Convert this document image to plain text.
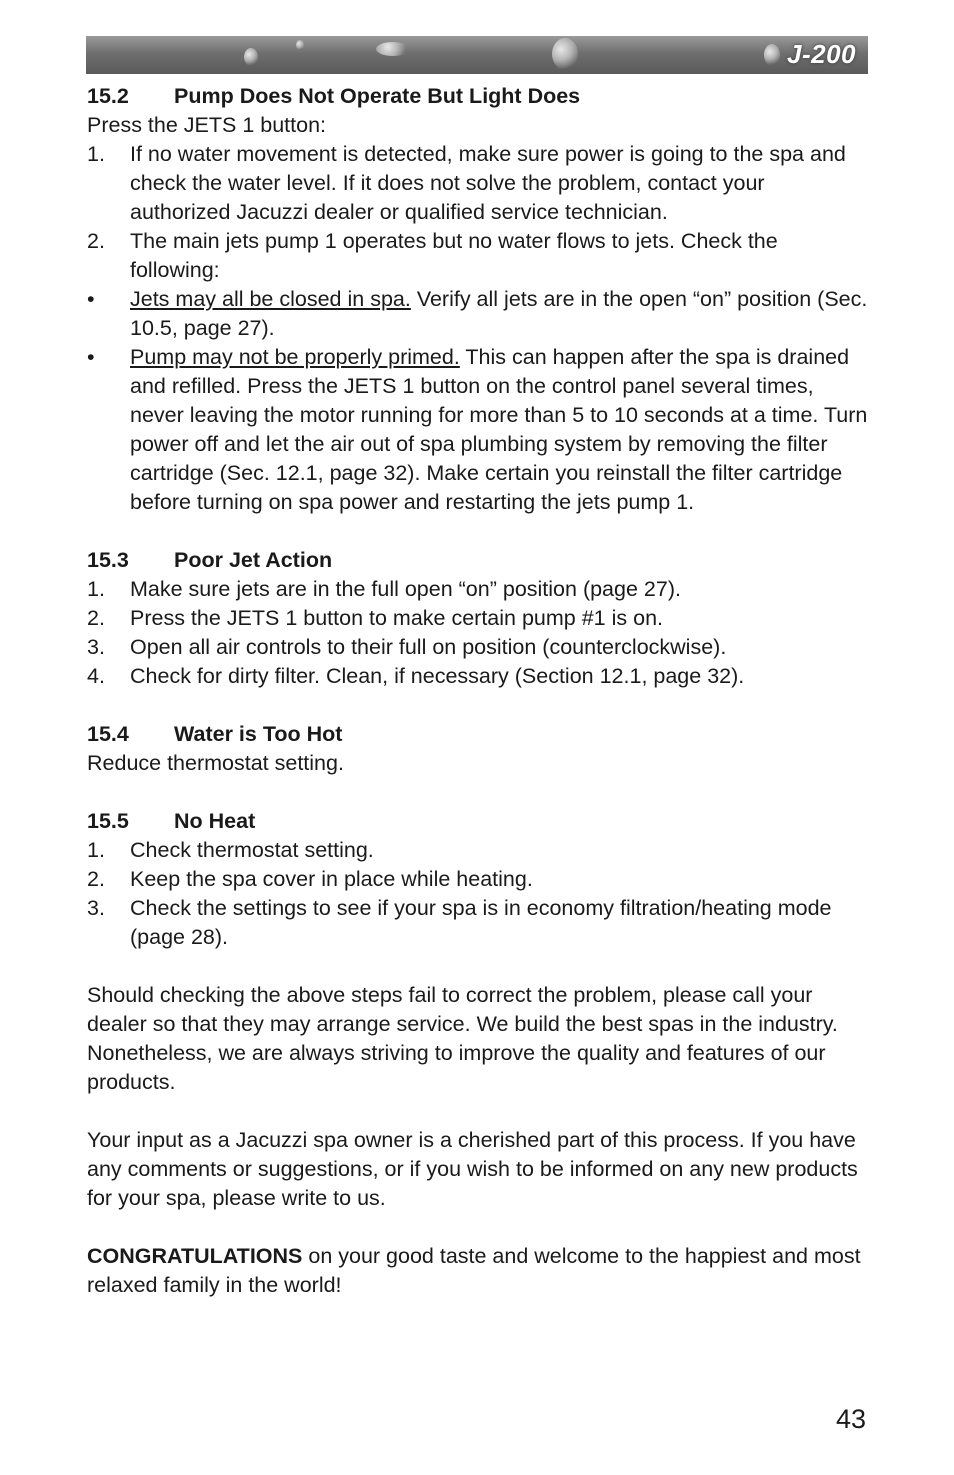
J-200
15.2	Pump Does Not Operate But Light Does

Press the JETS 1 button:

1.	If no water movement is detected, make sure power is going to the spa and check the water level. If it does not solve the problem, contact your authorized Jacuzzi dealer or qualified service technician.
2.	The main jets pump 1 operates but no water flows to jets. Check the following:
•	Jets may all be closed in spa. Verify all jets are in the open “on” position (Sec. 10.5, page 27).
•	Pump may not be properly primed. This can happen after the spa is drained and refilled. Press the JETS 1 button on the control panel several times, never leaving the motor running for more than 5 to 10 seconds at a time. Turn power off and let the air out of spa plumbing system by removing the filter cartridge (Sec. 12.1, page 32). Make certain you reinstall the filter cartridge before turning on spa power and restarting the jets pump 1.
15.3	Poor Jet Action
1.	Make sure jets are in the full open “on” position (page 27).
2.	Press the JETS 1 button to make certain pump #1 is on.
3.	Open all air controls to their full on position (counterclockwise).
4.	Check for dirty filter. Clean, if necessary (Section 12.1, page 32).
15.4	Water is Too Hot

Reduce thermostat setting.

15.5	No Heat
1.	Check thermostat setting.
2.	Keep the spa cover in place while heating.
3.	Check the settings to see if your spa is in economy filtration/heating mode (page 28).

Should checking the above steps fail to correct the problem, please call your dealer so that they may arrange service. We build the best spas in the industry. Nonetheless, we are always striving to improve the quality and features of our products.

Your input as a Jacuzzi spa owner is a cherished part of this process. If you have any comments or suggestions, or if you wish to be informed on any new products for your spa, please write to us.

CONGRATULATIONS on your good taste and welcome to the happiest and most relaxed family in the world!

43
